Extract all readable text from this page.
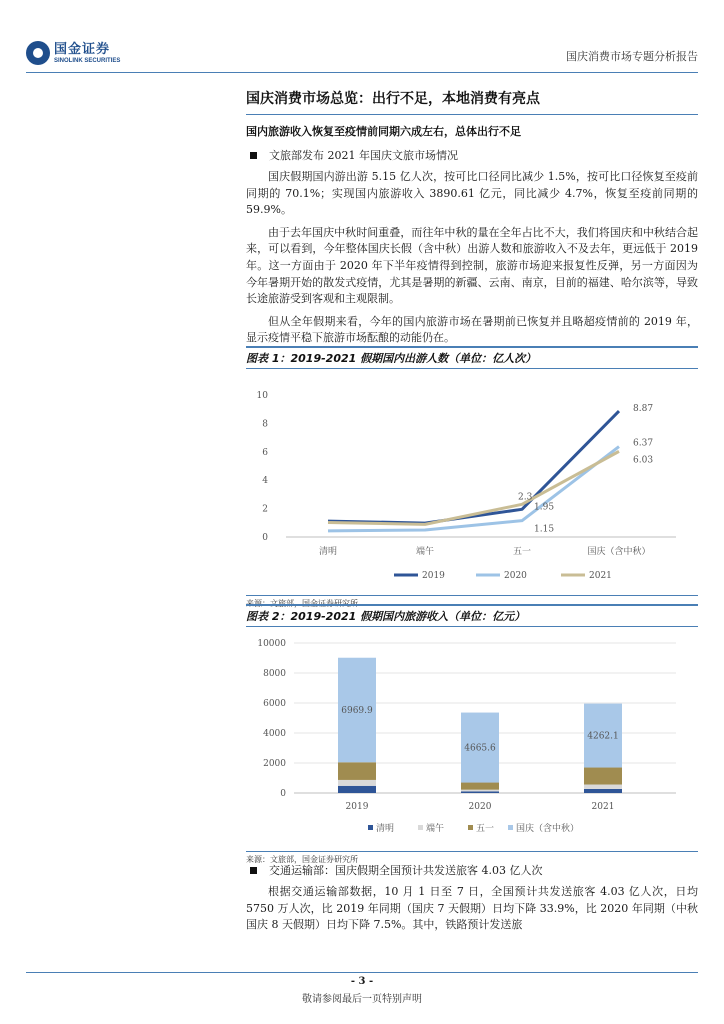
国金证券
SINOLINK SECURITIES	国庆消费市场专题分析报告
国庆消费市场总览：出行不足，本地消费有亮点
国内旅游收入恢复至疫情前同期六成左右，总体出行不足
文旅部发布 2021 年国庆文旅市场情况

国庆假期国内游出游 5.15 亿人次，按可比口径同比减少 1.5%，按可比口径恢复至疫前同期的 70.1%；实现国内旅游收入 3890.61 亿元，同比减少 4.7%，恢复至疫前同期的 59.9%。

由于去年国庆中秋时间重叠，而往年中秋的量在全年占比不大，我们将国庆和中秋结合起来，可以看到，今年整体国庆长假（含中秋）出游人数和旅游收入不及去年，更远低于 2019 年。这一方面由于 2020 年下半年疫情得到控制，旅游市场迎来报复性反弹，另一方面因为今年暑期开始的散发式疫情，尤其是暑期的新疆、云南、南京，目前的福建、哈尔滨等，导致长途旅游受到客观和主观限制。

但从全年假期来看，今年的国内旅游市场在暑期前已恢复并且略超疫情前的 2019 年，显示疫情平稳下旅游市场酝酿的动能仍在。

图表 1：2019-2021 假期国内出游人数（单位：亿人次）
0
2
4
6
8
10
清明	端午	五一	国庆（含中秋）
1.95
8.87
1.15
6.37
2.3
6.03
2019	2020	2021
来源：文旅部，国金证券研究所
图表 2：2019-2021 假期国内旅游收入（单位：亿元）
0
2000
4000
6000
8000
10000
6969.9
2019
4665.6
2020
4262.1
2021
清明	端午	五一 国庆（含中秋）
来源：文旅部，国金证券研究所
交通运输部：国庆假期全国预计共发送旅客 4.03 亿人次

根据交通运输部数据，10 月 1 日至 7 日，全国预计共发送旅客 4.03 亿人次，日均 5750 万人次，比 2019 年同期（国庆 7 天假期）日均下降 33.9%，比 2020 年同期（中秋国庆 8 天假期）日均下降 7.5%。其中，铁路预计发送旅

- 3 -
敬请参阅最后一页特别声明
